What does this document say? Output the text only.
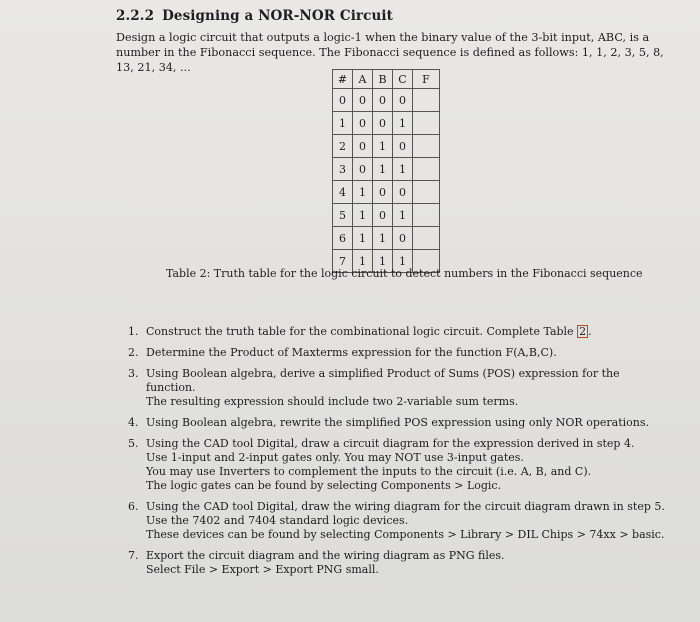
2.2.2 Designing a NOR-NOR Circuit
Design a logic circuit that outputs a logic-1 when the binary value of the 3-bit input, ABC, is a number in the Fibonacci sequence. The Fibonacci sequence is defined as follows: 1, 1, 2, 3, 5, 8, 13, 21, 34, ...
#	A	B	C	F
0	0	0	0	
1	0	0	1	
2	0	1	0	
3	0	1	1	
4	1	0	0	
5	1	0	1	
6	1	1	0	
7	1	1	1	
Table 2: Truth table for the logic circuit to detect numbers in the Fibonacci sequence
1. Construct the truth table for the combinational logic circuit. Complete Table 2 .
2. Determine the Product of Maxterms expression for the function F(A,B,C).
3. Using Boolean algebra, derive a simplified Product of Sums (POS) expression for the function.
The resulting expression should include two 2-variable sum terms.
4. Using Boolean algebra, rewrite the simplified POS expression using only NOR operations.
5. Using the CAD tool Digital, draw a circuit diagram for the expression derived in step 4.
Use 1-input and 2-input gates only. You may NOT use 3-input gates.
You may use Inverters to complement the inputs to the circuit (i.e. A, B, and C).
The logic gates can be found by selecting Components > Logic.
6. Using the CAD tool Digital, draw the wiring diagram for the circuit diagram drawn in step 5.
Use the 7402 and 7404 standard logic devices.
These devices can be found by selecting Components > Library > DIL Chips > 74xx > basic.
7. Export the circuit diagram and the wiring diagram as PNG files.
Select File > Export > Export PNG small.
